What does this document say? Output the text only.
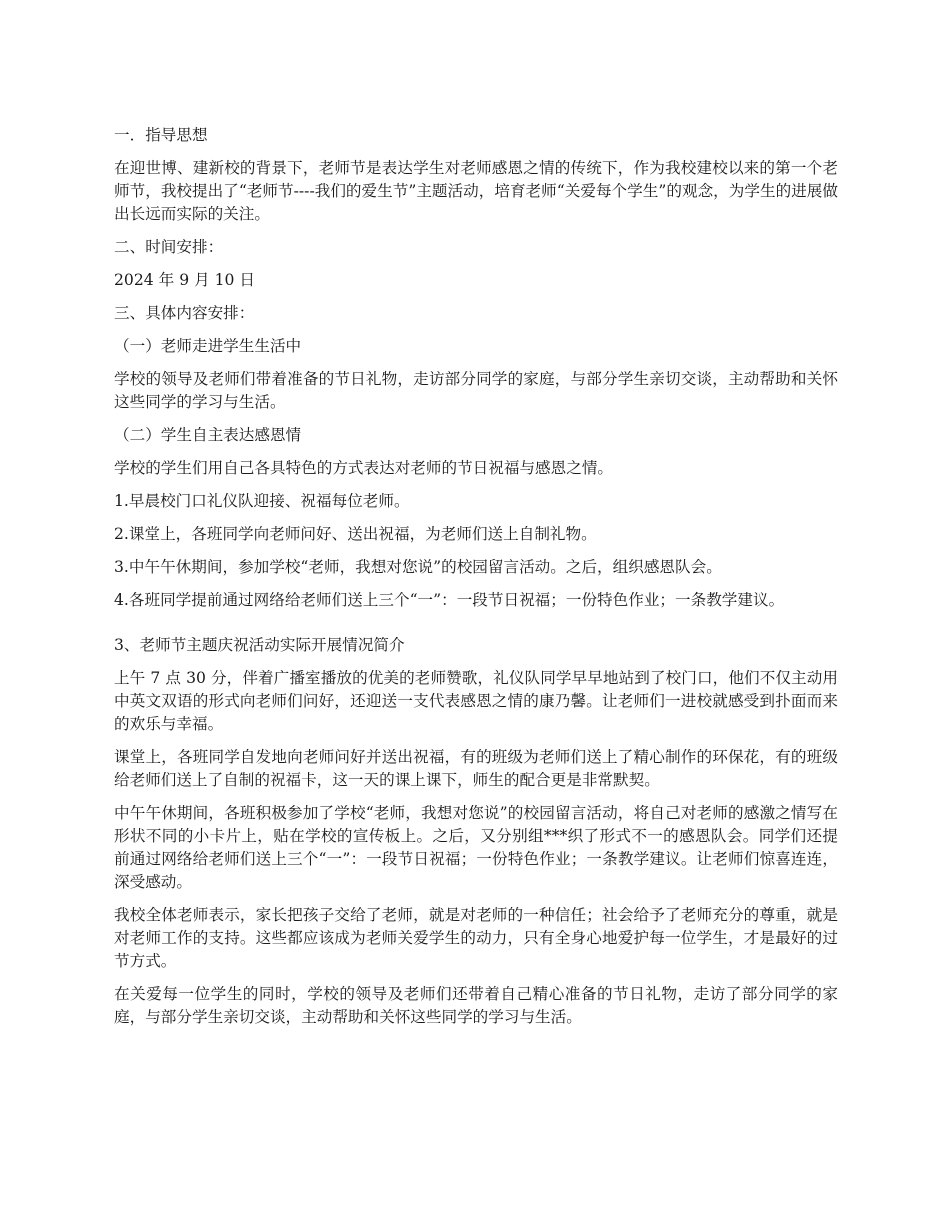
一．指导思想

在迎世博、建新校的背景下，老师节是表达学生对老师感恩之情的传统下，作为我校建校以来的第一个老师节，我校提出了“老师节----我们的爱生节”主题活动，培育老师“关爱每个学生”的观念，为学生的进展做出长远而实际的关注。

二、时间安排：

2024 年 9 月 10 日

三、具体内容安排：

（一）老师走进学生生活中

学校的领导及老师们带着准备的节日礼物，走访部分同学的家庭，与部分学生亲切交谈，主动帮助和关怀这些同学的学习与生活。

（二）学生自主表达感恩情

学校的学生们用自己各具特色的方式表达对老师的节日祝福与感恩之情。

1.早晨校门口礼仪队迎接、祝福每位老师。

2.课堂上，各班同学向老师问好、送出祝福，为老师们送上自制礼物。

3.中午午休期间，参加学校“老师，我想对您说”的校园留言活动。之后，组织感恩队会。

4.各班同学提前通过网络给老师们送上三个“一”：一段节日祝福；一份特色作业；一条教学建议。

3、老师节主题庆祝活动实际开展情况简介

上午 7 点 30 分，伴着广播室播放的优美的老师赞歌，礼仪队同学早早地站到了校门口，他们不仅主动用中英文双语的形式向老师们问好，还迎送一支代表感恩之情的康乃馨。让老师们一进校就感受到扑面而来的欢乐与幸福。

课堂上，各班同学自发地向老师问好并送出祝福，有的班级为老师们送上了精心制作的环保花，有的班级给老师们送上了自制的祝福卡，这一天的课上课下，师生的配合更是非常默契。

中午午休期间，各班积极参加了学校“老师，我想对您说”的校园留言活动，将自己对老师的感激之情写在形状不同的小卡片上，贴在学校的宣传板上。之后，又分别组***织了形式不一的感恩队会。同学们还提前通过网络给老师们送上三个“一”：一段节日祝福；一份特色作业；一条教学建议。让老师们惊喜连连，深受感动。

我校全体老师表示，家长把孩子交给了老师，就是对老师的一种信任；社会给予了老师充分的尊重，就是对老师工作的支持。这些都应该成为老师关爱学生的动力，只有全身心地爱护每一位学生，才是最好的过节方式。

在关爱每一位学生的同时，学校的领导及老师们还带着自己精心准备的节日礼物，走访了部分同学的家庭，与部分学生亲切交谈，主动帮助和关怀这些同学的学习与生活。
